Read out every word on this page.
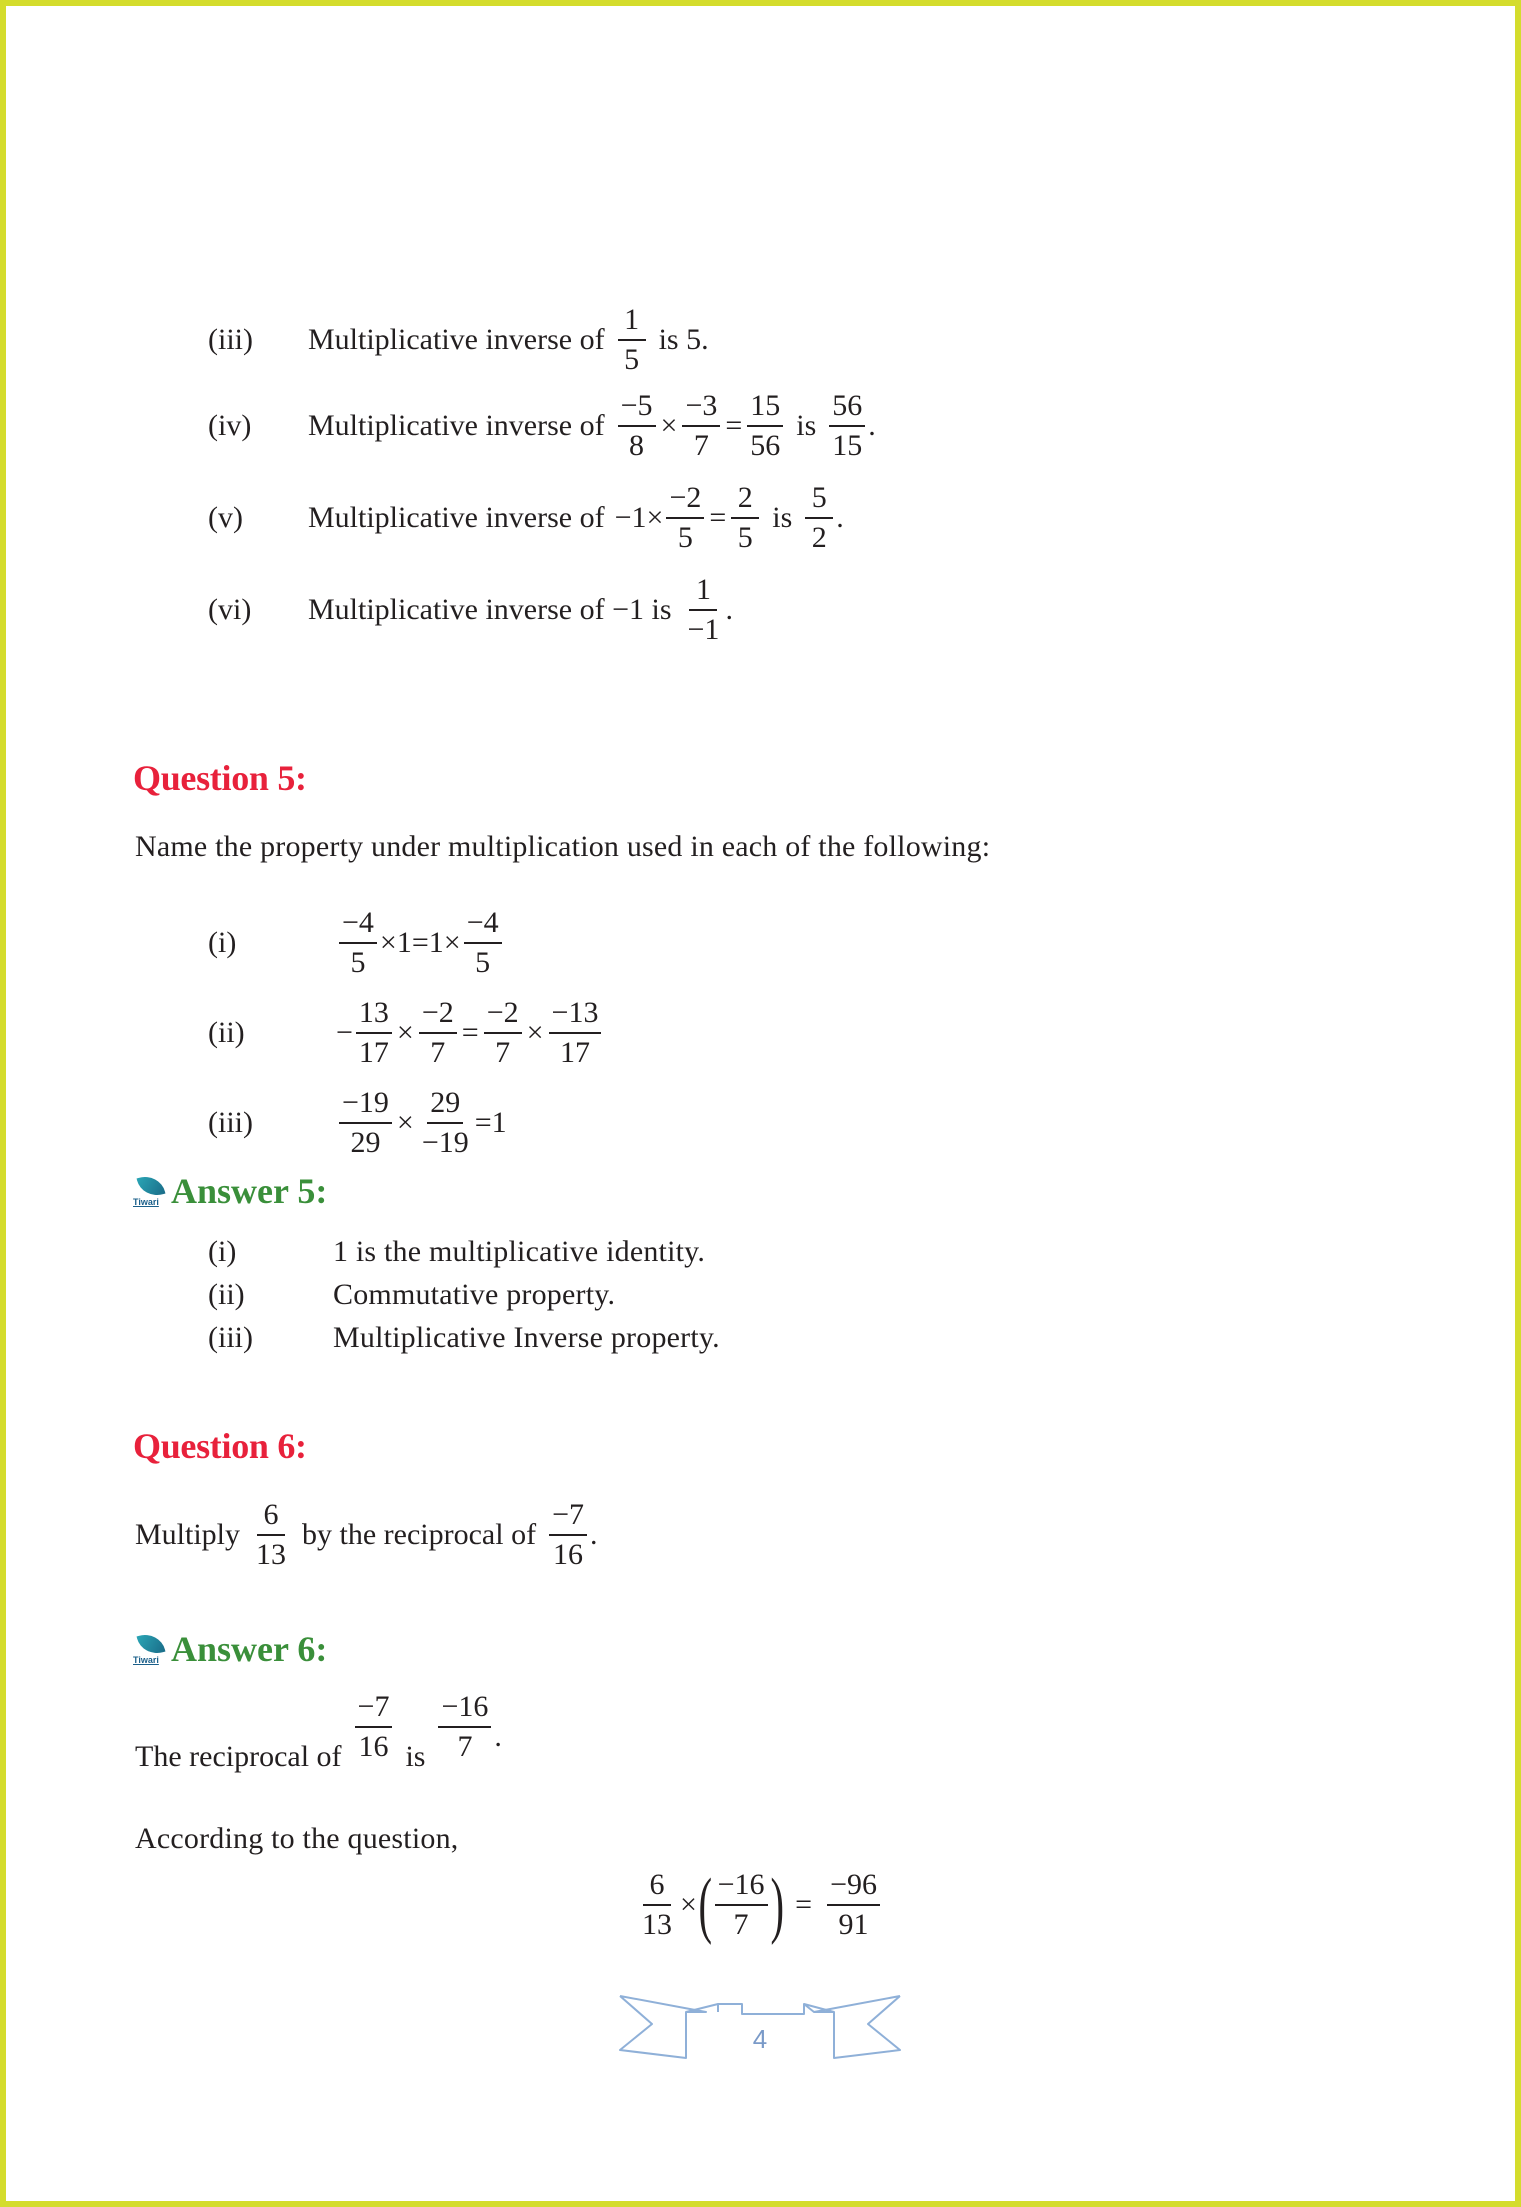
(iii)	Multiplicative inverse of $\frac{1}{5}$ is 5.
(iv)	Multiplicative inverse of $\frac{-5}{8} \times \frac{-3}{7} = \frac{15}{56}$ is $\frac{56}{15}$ .
(v)	Multiplicative inverse of $-1\times \frac{-2}{5} = \frac{2}{5}$ is $\frac{5}{2}$ .
(vi)	Multiplicative inverse of −1 is $\frac{1}{-1}$ .
Question 5:
Name the property under multiplication used in each of the following:
(i)	$\frac{-4}{5} \times 1=1\times \frac{-4}{5}$
(ii)	− $\frac{13}{17} \times \frac{-2}{7} = \frac{-2}{7} \times \frac{-13}{17}$
(iii)	$\frac{-19}{29} \times \frac{29}{-19} =1$
Tiwari Answer 5:
(i)	1 is the multiplicative identity.
(ii)	Commutative property.
(iii)	Multiplicative Inverse property.
Question 6:
Multiply $\frac{6}{13}$ by the reciprocal of $\frac{-7}{16}$ .
Tiwari Answer 6:
The reciprocal of $\frac{-7}{16}$ is $\frac{-16}{7}$ .
According to the question,
$\frac{6}{13}$ × ( $\frac{-16}{7}$ ) = $\frac{-96}{91}$
4
